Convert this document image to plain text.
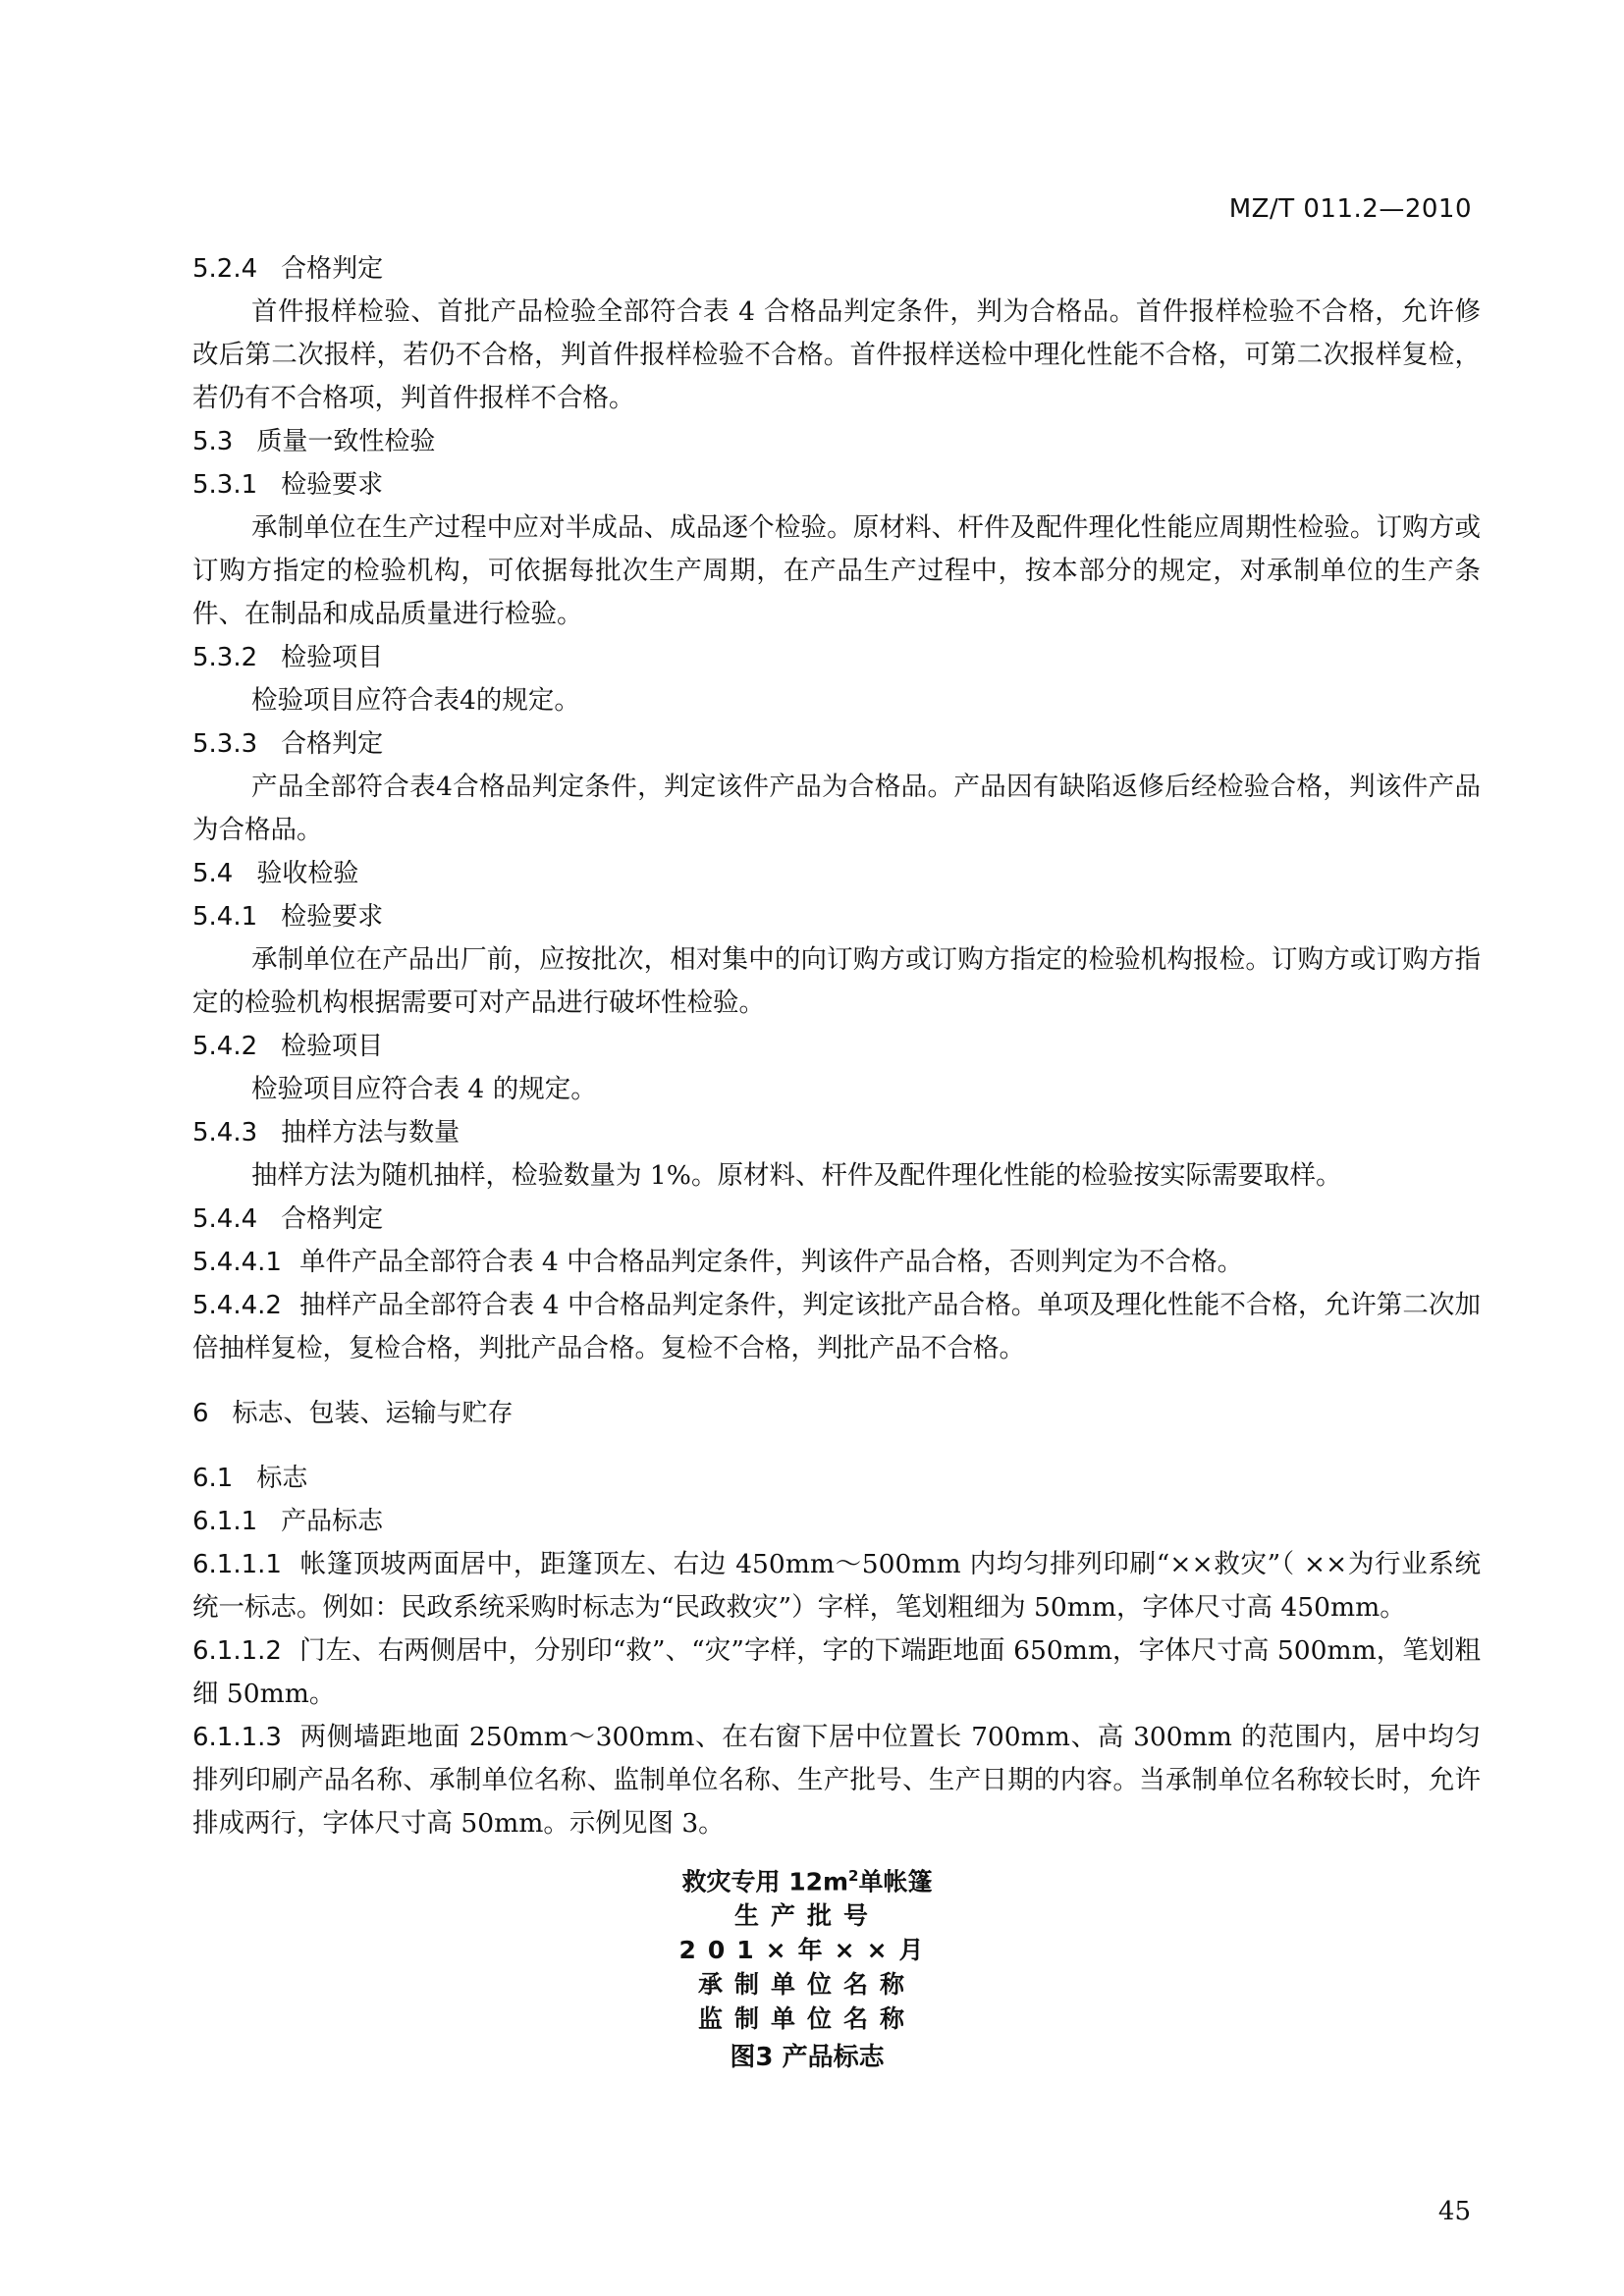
MZ/T 011.2—2010
5.2.4 合格判定
首件报样检验、首批产品检验全部符合表 4 合格品判定条件，判为合格品。首件报样检验不合格，允许修改后第二次报样，若仍不合格，判首件报样检验不合格。首件报样送检中理化性能不合格，可第二次报样复检，若仍有不合格项，判首件报样不合格。
5.3 质量一致性检验
5.3.1 检验要求
承制单位在生产过程中应对半成品、成品逐个检验。原材料、杆件及配件理化性能应周期性检验。订购方或订购方指定的检验机构，可依据每批次生产周期，在产品生产过程中，按本部分的规定，对承制单位的生产条件、在制品和成品质量进行检验。
5.3.2 检验项目
检验项目应符合表4的规定。
5.3.3 合格判定
产品全部符合表4合格品判定条件，判定该件产品为合格品。产品因有缺陷返修后经检验合格，判该件产品为合格品。
5.4 验收检验
5.4.1 检验要求
承制单位在产品出厂前，应按批次，相对集中的向订购方或订购方指定的检验机构报检。订购方或订购方指定的检验机构根据需要可对产品进行破坏性检验。
5.4.2 检验项目
检验项目应符合表 4 的规定。
5.4.3 抽样方法与数量
抽样方法为随机抽样，检验数量为 1%。原材料、杆件及配件理化性能的检验按实际需要取样。
5.4.4 合格判定
5.4.4.1 单件产品全部符合表 4 中合格品判定条件，判该件产品合格，否则判定为不合格。
5.4.4.2 抽样产品全部符合表 4 中合格品判定条件，判定该批产品合格。单项及理化性能不合格，允许第二次加倍抽样复检，复检合格，判批产品合格。复检不合格，判批产品不合格。
6 标志、包装、运输与贮存
6.1 标志
6.1.1 产品标志
6.1.1.1 帐篷顶坡两面居中，距篷顶左、右边 450mm～500mm 内均匀排列印刷“××救灾”（ ××为行业系统统一标志。例如：民政系统采购时标志为“民政救灾”）字样，笔划粗细为 50mm，字体尺寸高 450mm。
6.1.1.2 门左、右两侧居中，分别印“救”、“灾”字样，字的下端距地面 650mm，字体尺寸高 500mm，笔划粗细 50mm。
6.1.1.3 两侧墙距地面 250mm～300mm、在右窗下居中位置长 700mm、高 300mm 的范围内，居中均匀排列印刷产品名称、承制单位名称、监制单位名称、生产批号、生产日期的内容。当承制单位名称较长时，允许排成两行，字体尺寸高 50mm。示例见图 3。
救灾专用 $12m^2$单帐篷
生产批号
201×年××月
承制单位名称
监制单位名称
图3 产品标志
45
